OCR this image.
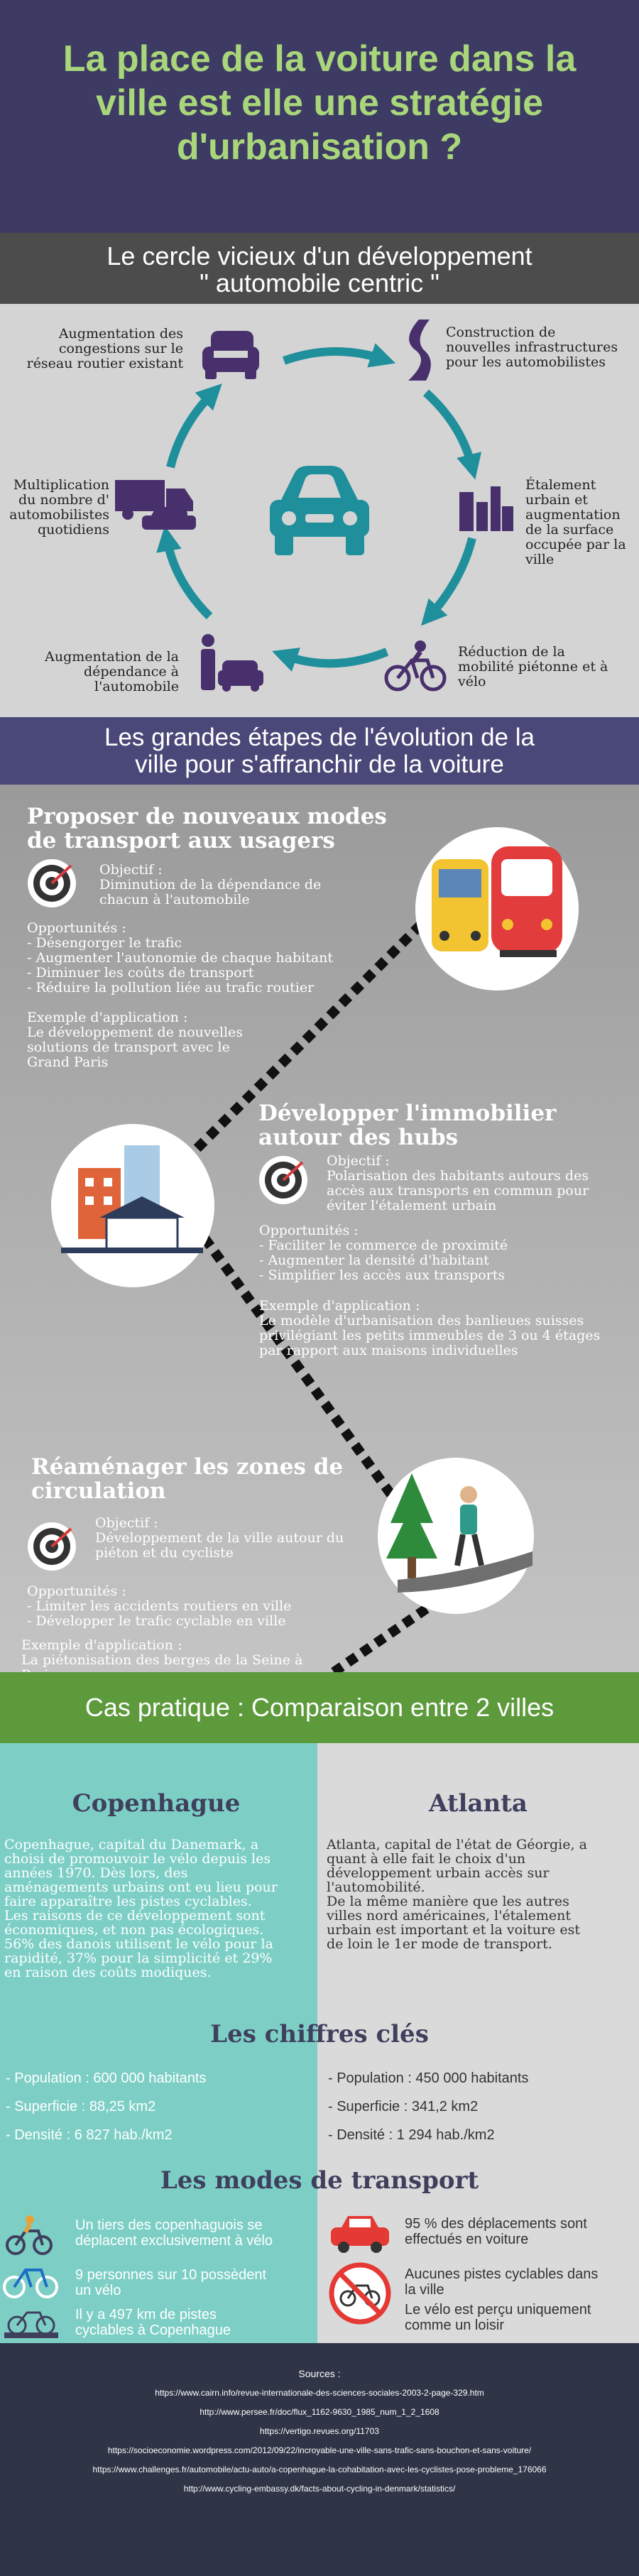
La place de la voiture dans la
ville est elle une stratégie
d'urbanisation ?
Le cercle vicieux d'un développement
" automobile centric "
Augmentation des
congestions sur le
réseau routier existant
Construction de
nouvelles infrastructures
pour les automobilistes
Étalement
urbain et
augmentation
de la surface
occupée par la
ville
Réduction de la
mobilité piétonne et à
vélo
Augmentation de la
dépendance à
l'automobile
Multiplication
du nombre d'
automobilistes
quotidiens
Les grandes étapes de l'évolution de la
ville pour s'affranchir de la voiture
Proposer de nouveaux modes
de transport aux usagers
Objectif :
Diminution de la dépendance de
chacun à l'automobile
Opportunités :
- Désengorger le trafic
- Augmenter l'autonomie de chaque habitant
- Diminuer les coûts de transport
- Réduire la pollution liée au trafic routier
Exemple d'application :
Le développement de nouvelles
solutions de transport avec le
Grand Paris
Développer l'immobilier
autour des hubs
Objectif :
Polarisation des habitants autours des
accès aux transports en commun pour
éviter l'étalement urbain
Opportunités :
- Faciliter le commerce de proximité
- Augmenter la densité d'habitant
- Simplifier les accès aux transports
Exemple d'application :
Le modèle d'urbanisation des banlieues suisses
privilégiant les petits immeubles de 3 ou 4 étages
par rapport aux maisons individuelles
Réaménager les zones de
circulation
Objectif :
Développement de la ville autour du
piéton et du cycliste
Opportunités :
- Limiter les accidents routiers en ville
- Développer le trafic cyclable en ville
Exemple d'application :
La piétonisation des berges de la Seine à
Cas pratique : Comparaison entre 2 villes
Copenhague	Atlanta
Copenhague, capital du Danemark, a
choisi de promouvoir le vélo depuis les
années 1970. Dès lors, des
aménagements urbains ont eu lieu pour
faire apparaître les pistes cyclables.
Les raisons de ce développement sont
économiques, et non pas écologiques.
56% des danois utilisent le vélo pour la
rapidité, 37% pour la simplicité et 29%
en raison des coûts modiques.
Atlanta, capital de l'état de Géorgie, a
quant à elle fait le choix d'un
développement urbain accès sur
l'automobilité.
De la même manière que les autres
villes nord américaines, l'étalement
urbain est important et la voiture est
de loin le 1er mode de transport.
Les chiffres clés
- Population : 600 000 habitants
- Superficie : 88,25 km2
- Densité : 6 827 hab./km2
- Population : 450 000 habitants
- Superficie : 341,2 km2
- Densité : 1 294 hab./km2
Les modes de transport
Un tiers des copenhaguois se
déplacent exclusivement à vélo
9 personnes sur 10 possèdent
un vélo
Il y a 497 km de pistes
cyclables à Copenhague
95 % des déplacements sont
effectués en voiture
Aucunes pistes cyclables dans
la ville
Le vélo est perçu uniquement
comme un loisir
Sources :
https://www.cairn.info/revue-internationale-des-sciences-sociales-2003-2-page-329.htm
http://www.persee.fr/doc/flux_1162-9630_1985_num_1_2_1608
https://vertigo.revues.org/11703
https://socioeconomie.wordpress.com/2012/09/22/incroyable-une-ville-sans-trafic-sans-bouchon-et-sans-voiture/
https://www.challenges.fr/automobile/actu-auto/a-copenhague-la-cohabitation-avec-les-cyclistes-pose-probleme_176066
http://www.cycling-embassy.dk/facts-about-cycling-in-denmark/statistics/
